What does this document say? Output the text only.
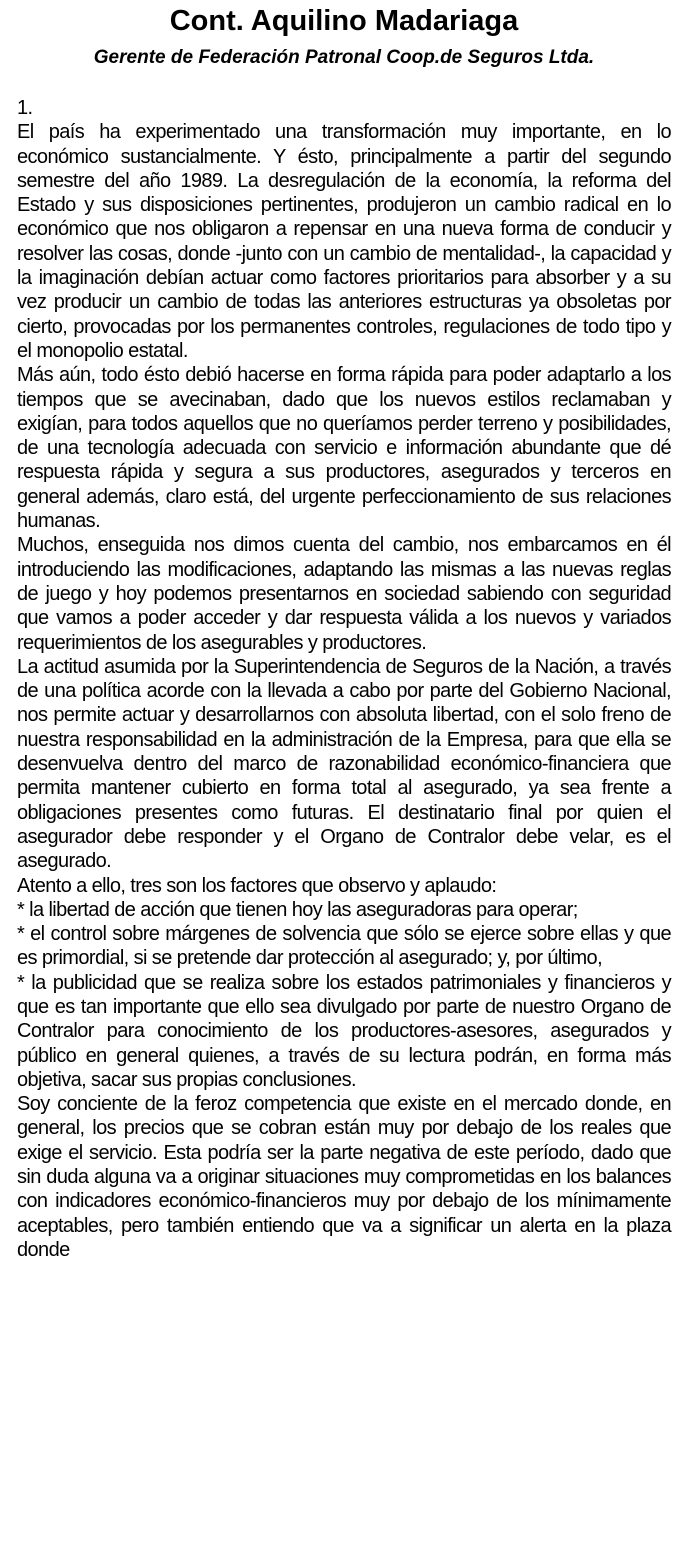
Cont. Aquilino Madariaga
Gerente de Federación Patronal Coop.de Seguros Ltda.

1.

El país ha experimentado una transformación muy importante, en lo económico sustancialmente. Y ésto, principalmente a partir del segundo semestre del año 1989. La desregulación de la economía, la reforma del Estado y sus disposiciones pertinentes, produjeron un cambio radical en lo económico que nos obligaron a repensar en una nueva forma de conducir y resolver las cosas, donde -junto con un cambio de mentalidad-, la capacidad y la imaginación debían actuar como factores prioritarios para absorber y a su vez producir un cambio de todas las anteriores estructuras ya obsoletas por cierto, provocadas por los permanentes controles, regulaciones de todo tipo y el monopolio estatal.

Más aún, todo ésto debió hacerse en forma rápida para poder adaptarlo a los tiempos que se avecinaban, dado que los nuevos estilos reclamaban y exigían, para todos aquellos que no queríamos perder terreno y posibilidades, de una tecnología adecuada con servicio e información abundante que dé respuesta rápida y segura a sus productores, asegurados y terceros en general además, claro está, del urgente perfeccionamiento de sus relaciones humanas.

Muchos, enseguida nos dimos cuenta del cambio, nos embarcamos en él introduciendo las modificaciones, adaptando las mismas a las nuevas reglas de juego y hoy podemos presentarnos en sociedad sabiendo con seguridad que vamos a poder acceder y dar respuesta válida a los nuevos y variados requerimientos de los asegurables y productores.

La actitud asumida por la Superintendencia de Seguros de la Nación, a través de una política acorde con la llevada a cabo por parte del Gobierno Nacional, nos permite actuar y desarrollarnos con absoluta libertad, con el solo freno de nuestra responsabilidad en la administración de la Empresa, para que ella se desenvuelva dentro del marco de razonabilidad económico-financiera que permita mantener cubierto en forma total al asegurado, ya sea frente a obligaciones presentes como futuras. El destinatario final por quien el asegurador debe responder y el Organo de Contralor debe velar, es el asegurado.

Atento a ello, tres son los factores que observo y aplaudo:

* la libertad de acción que tienen hoy las aseguradoras para operar;
* el control sobre márgenes de solvencia que sólo se ejerce sobre ellas y que es primordial, si se pretende dar protección al asegurado; y, por último,
* la publicidad que se realiza sobre los estados patrimoniales y financieros y que es tan importante que ello sea divulgado por parte de nuestro Organo de Contralor para conocimiento de los productores-asesores, asegurados y público en general quienes, a través de su lectura podrán, en forma más objetiva, sacar sus propias conclusiones.

Soy conciente de la feroz competencia que existe en el mercado donde, en general, los precios que se cobran están muy por debajo de los reales que exige el servicio. Esta podría ser la parte negativa de este período, dado que sin duda alguna va a originar situaciones muy comprometidas en los balances con indicadores económico-financieros muy por debajo de los mínimamente aceptables, pero también entiendo que va a significar un alerta en la plaza donde
